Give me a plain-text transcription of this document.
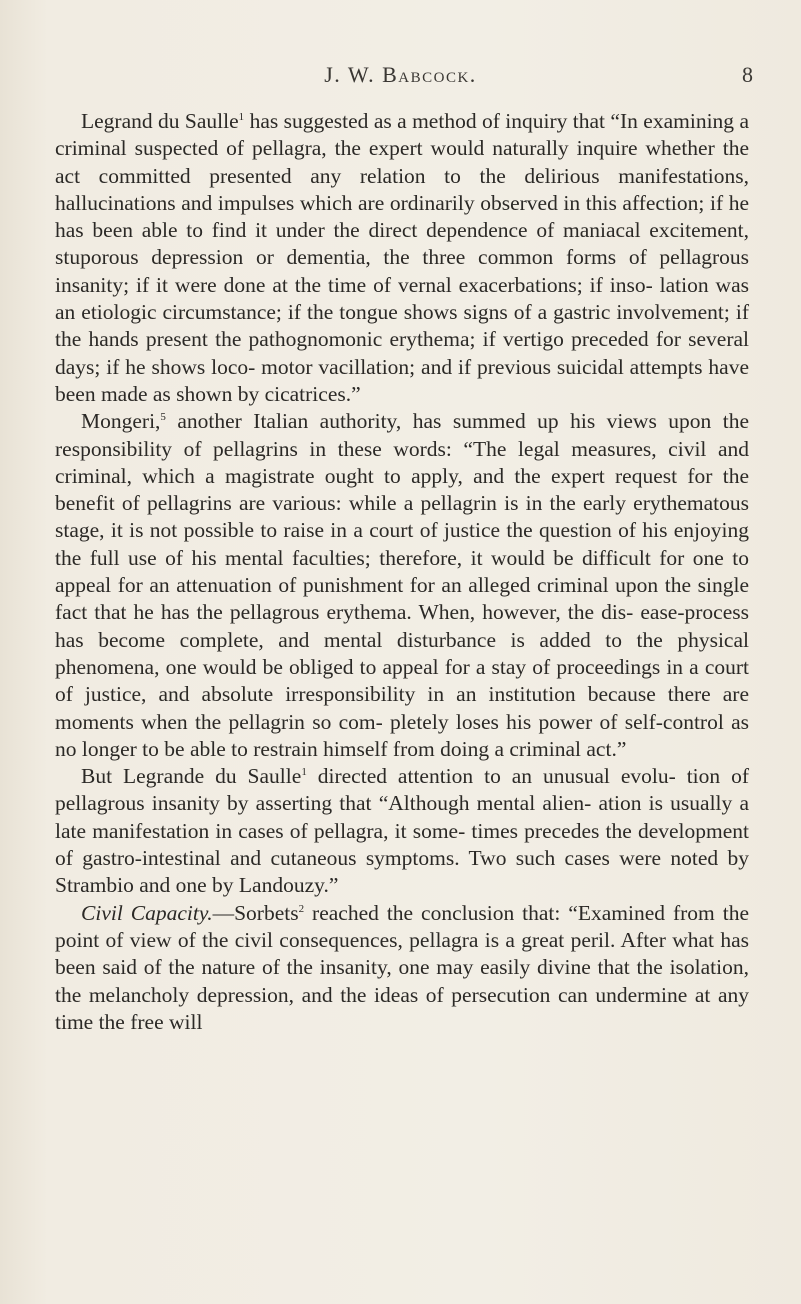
J. W. Babcock.	8

Legrand du Saulle$^1$ has suggested as a method of inquiry that “In examining a criminal suspected of pellagra, the expert would naturally inquire whether the act committed presented any relation to the delirious manifestations, hallucinations and impulses which are ordinarily observed in this affection; if he has been able to find it under the direct dependence of maniacal excitement, stuporous depression or dementia, the three common forms of pellagrous insanity; if it were done at the time of vernal exacerbations; if inso- lation was an etiologic circumstance; if the tongue shows signs of a gastric involvement; if the hands present the pathognomonic erythema; if vertigo preceded for several days; if he shows loco- motor vacillation; and if previous suicidal attempts have been made as shown by cicatrices.”

Mongeri,$^5$ another Italian authority, has summed up his views upon the responsibility of pellagrins in these words: “The legal measures, civil and criminal, which a magistrate ought to apply, and the expert request for the benefit of pellagrins are various: while a pellagrin is in the early erythematous stage, it is not possible to raise in a court of justice the question of his enjoying the full use of his mental faculties; therefore, it would be difficult for one to appeal for an attenuation of punishment for an alleged criminal upon the single fact that he has the pellagrous erythema. When, however, the dis- ease-process has become complete, and mental disturbance is added to the physical phenomena, one would be obliged to appeal for a stay of proceedings in a court of justice, and absolute irresponsibility in an institution because there are moments when the pellagrin so com- pletely loses his power of self-control as no longer to be able to restrain himself from doing a criminal act.”

But Legrande du Saulle$^1$ directed attention to an unusual evolu- tion of pellagrous insanity by asserting that “Although mental alien- ation is usually a late manifestation in cases of pellagra, it some- times precedes the development of gastro-intestinal and cutaneous symptoms. Two such cases were noted by Strambio and one by Landouzy.”

Civil Capacity.—Sorbets$^2$ reached the conclusion that: “Examined from the point of view of the civil consequences, pellagra is a great peril. After what has been said of the nature of the insanity, one may easily divine that the isolation, the melancholy depression, and the ideas of persecution can undermine at any time the free will
